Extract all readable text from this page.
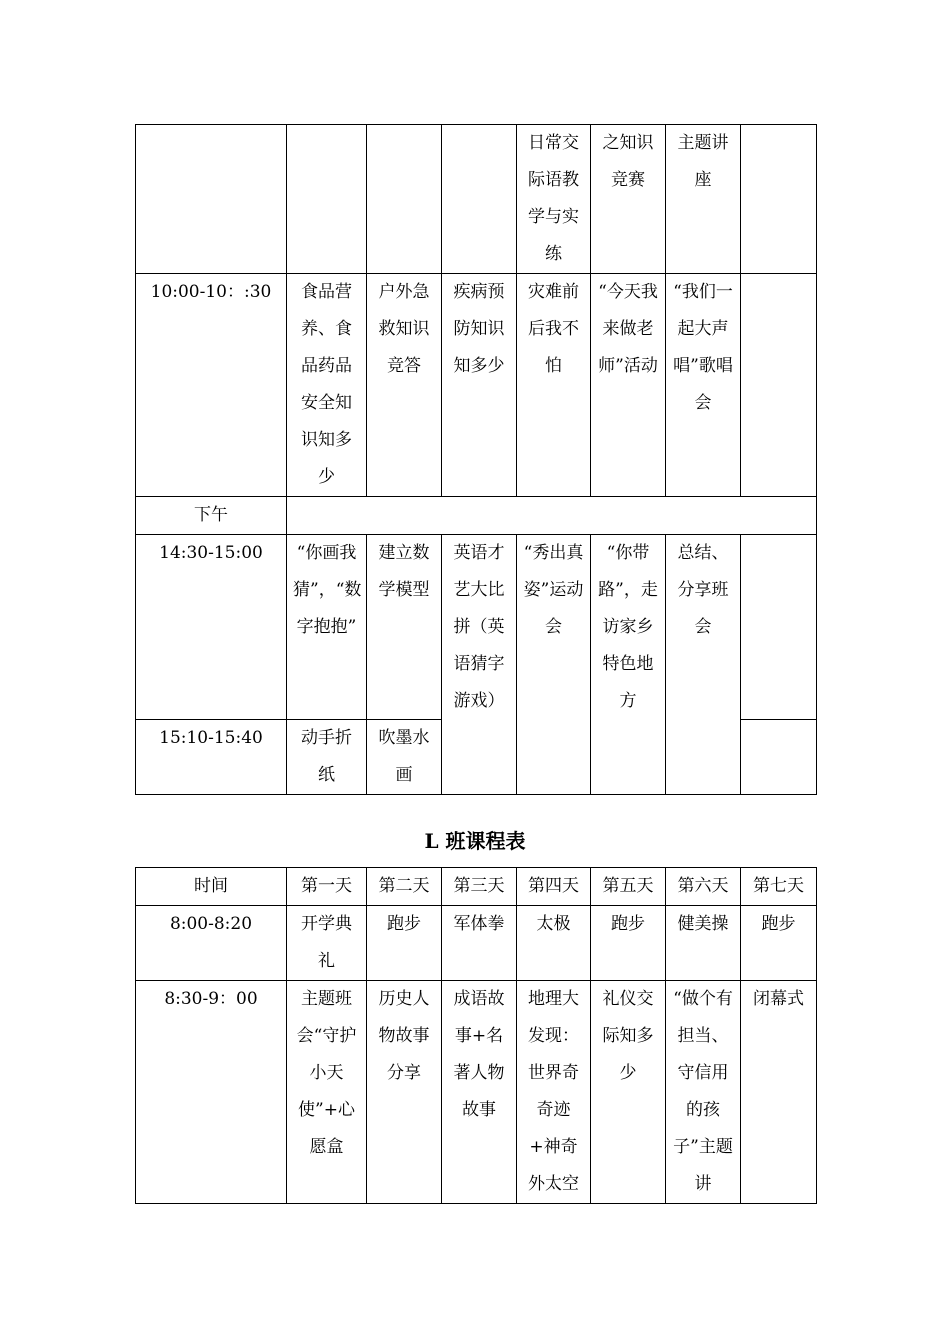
				日常交际语教学与实练	之知识竞赛	主题讲座	
10:00-10：:30	食品营养、食品药品安全知识知多少	户外急救知识竞答	疾病预防知识知多少	灾难前后我不怕	“今天我来做老师”活动	“我们一起大声唱”歌唱会	
下午							
14:30-15:00	“你画我猜”，“数字抱抱”	建立数学模型	英语才艺大比拼（英语猜字游戏）	“秀出真姿”运动会	“你带路”，走访家乡特色地方	总结、分享班会	
15:10-15:40	动手折纸	吹墨水画					
L 班课程表
时间	第一天	第二天	第三天	第四天	第五天	第六天	第七天
8:00-8:20	开学典礼	跑步	军体拳	太极	跑步	健美操	跑步
8:30-9：00	主题班会“守护小天使”+心愿盒	历史人物故事分享	成语故事+名著人物故事	地理大发现：世界奇奇迹+神奇外太空	礼仪交际知多少	“做个有担当、守信用的孩子”主题讲	闭幕式
